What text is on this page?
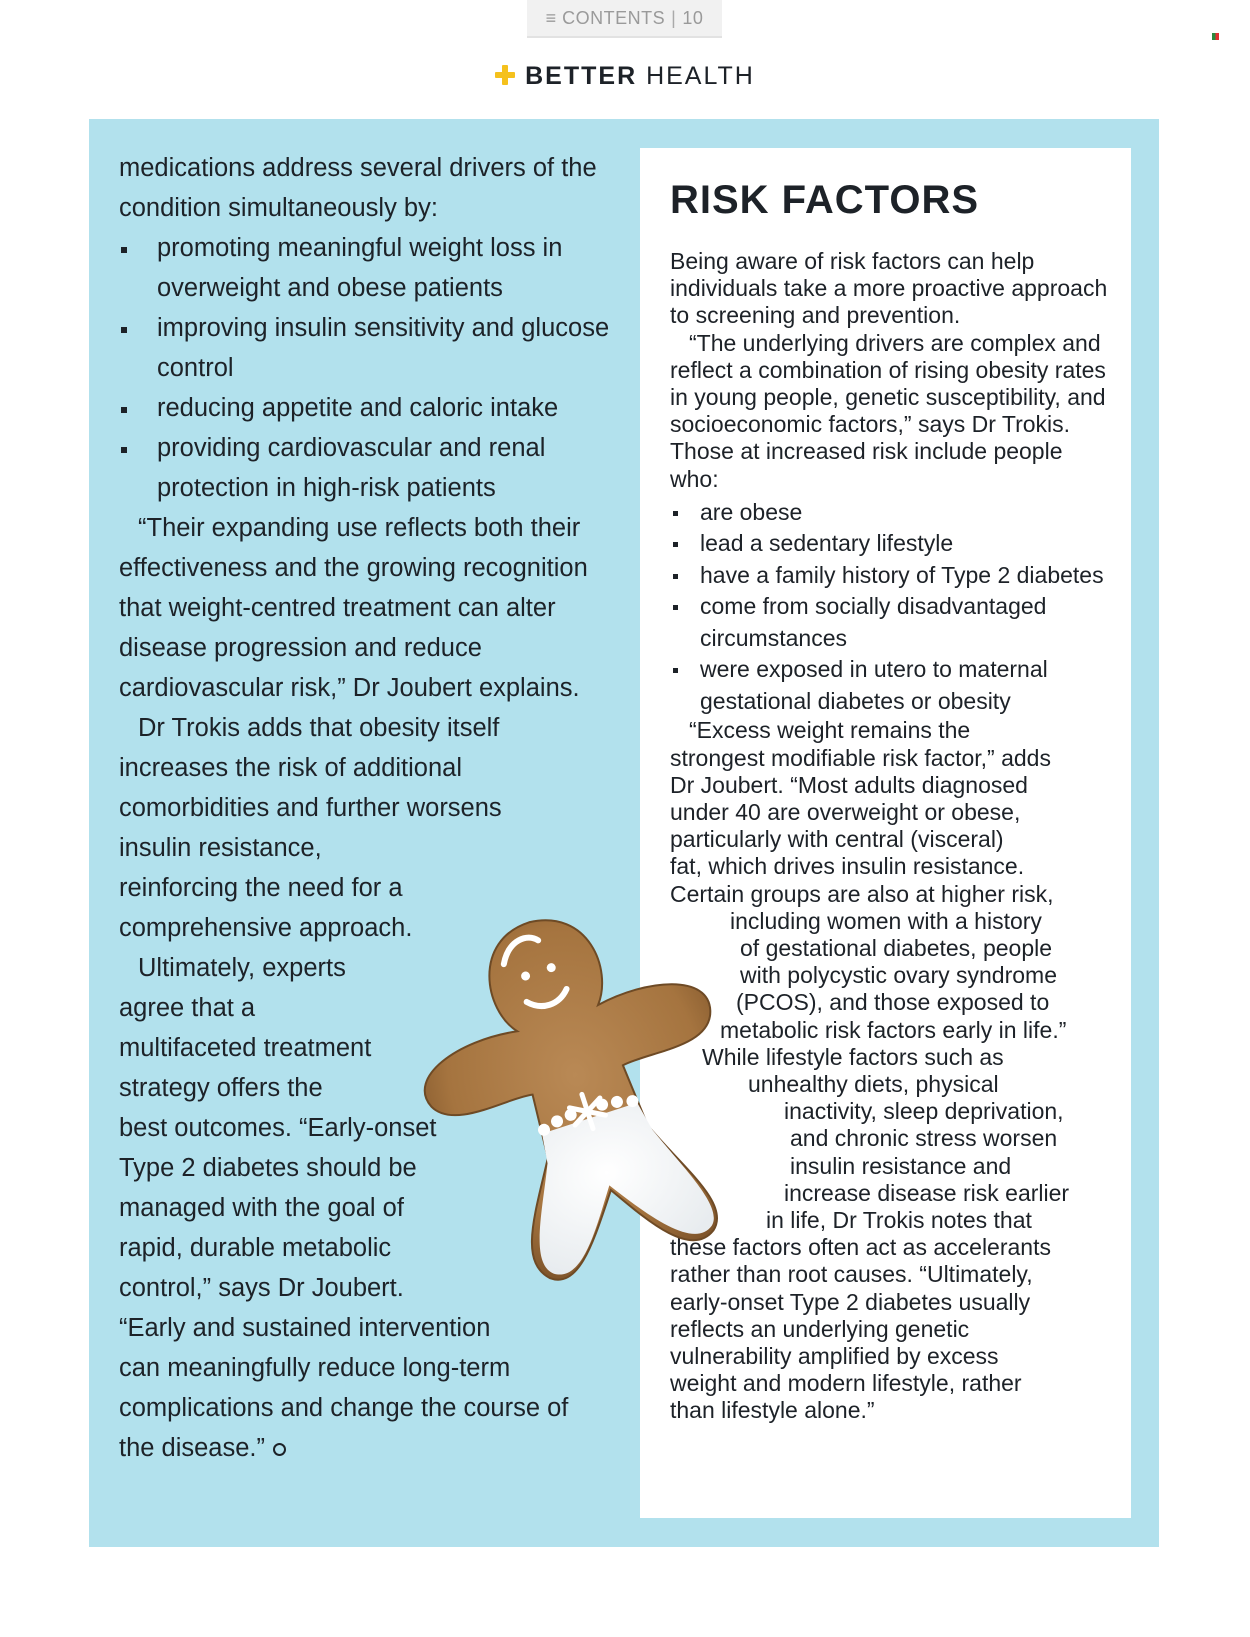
≡ CONTENTS | 10
BETTER HEALTH

medications address several drivers of the condition simultaneously by:

promoting meaningful weight loss in overweight and obese patients
improving insulin sensitivity and glucose control
reducing appetite and caloric intake
providing cardiovascular and renal protection in high-risk patients

“Their expanding use reflects both their effectiveness and the growing recognition that weight-centred treatment can alter disease progression and reduce cardiovascular risk,” Dr Joubert explains.

Dr Trokis adds that obesity itself
increases the risk of additional
comorbidities and further worsens
insulin resistance,
reinforcing the need for a
comprehensive approach.

Ultimately, experts
agree that a
multifaceted treatment
strategy offers the
best outcomes. “Early-onset
Type 2 diabetes should be
managed with the goal of
rapid, durable metabolic
control,” says Dr Joubert.
“Early and sustained intervention
can meaningfully reduce long-term
complications and change the course of
the disease.”

RISK FACTORS

Being aware of risk factors can help individuals take a more proactive approach to screening and prevention.

“The underlying drivers are complex and reflect a combination of rising obesity rates in young people, genetic susceptibility, and socioeconomic factors,” says Dr Trokis. Those at increased risk include people who:

are obese
lead a sedentary lifestyle
have a family history of Type 2 diabetes
come from socially disadvantaged circumstances
were exposed in utero to maternal gestational diabetes or obesity

“Excess weight remains the
strongest modifiable risk factor,” adds
Dr Joubert. “Most adults diagnosed
under 40 are overweight or obese,
particularly with central (visceral)
fat, which drives insulin resistance.
Certain groups are also at higher risk,
including women with a history
of gestational diabetes, people
with polycystic ovary syndrome
(PCOS), and those exposed to
metabolic risk factors early in life.”

While lifestyle factors such as
unhealthy diets, physical
inactivity, sleep deprivation,
and chronic stress worsen
insulin resistance and
increase disease risk earlier
in life, Dr Trokis notes that
these factors often act as accelerants
rather than root causes. “Ultimately,
early-onset Type 2 diabetes usually
reflects an underlying genetic
vulnerability amplified by excess
weight and modern lifestyle, rather
than lifestyle alone.”
